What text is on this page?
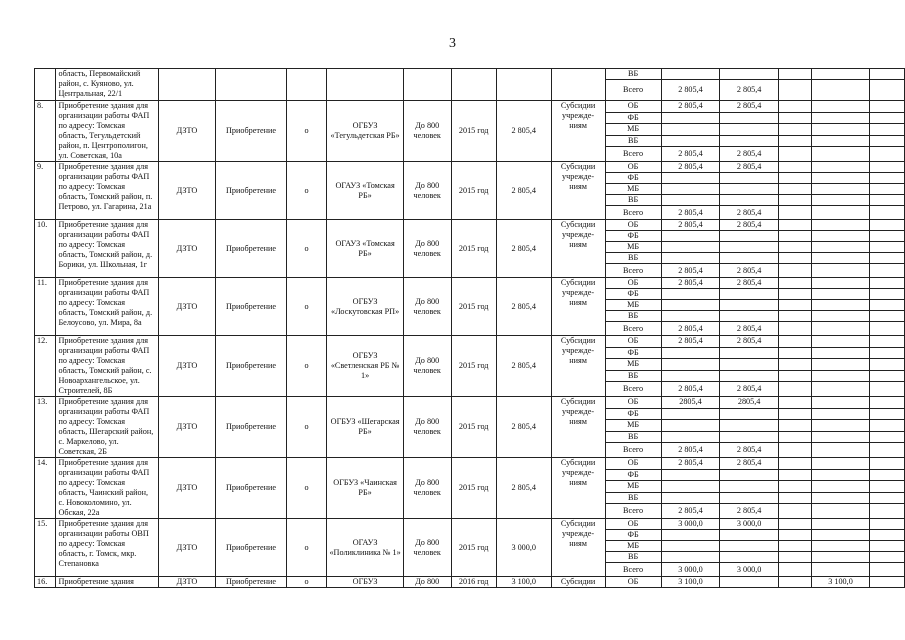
3
	область, Первомайский район, с. Куяново, ул. Центральная, 22/1									ВБ					
										Всего	2 805,4	2 805,4			
8.	Приобретение здания для организации работы ФАП по адресу: Томская область, Тегульдетский район, п. Центрополигон, ул. Советская, 10а	ДЗТО	Приобретение	о	ОГБУЗ «Тегульдетская РБ»	До 800 человек	2015 год	2 805,4	Субсидии учрежде-ниям	ОБ	2 805,4	2 805,4			
										ФБ					
										МБ					
										ВБ					
										Всего	2 805,4	2 805,4			
9.	Приобретение здания для организации работы ФАП по адресу: Томская область, Томский район, п. Петрово, ул. Гагарина, 21а	ДЗТО	Приобретение	о	ОГАУЗ «Томская РБ»	До 800 человек	2015 год	2 805,4	Субсидии учрежде-ниям	ОБ	2 805,4	2 805,4			
										ФБ					
										МБ					
										ВБ					
										Всего	2 805,4	2 805,4			
10.	Приобретение здания для организации работы ФАП по адресу: Томская область, Томский район, д. Борики, ул. Школьная, 1г	ДЗТО	Приобретение	о	ОГАУЗ «Томская РБ»	До 800 человек	2015 год	2 805,4	Субсидии учрежде-ниям	ОБ	2 805,4	2 805,4			
										ФБ					
										МБ					
										ВБ					
										Всего	2 805,4	2 805,4			
11.	Приобретение здания для организации работы ФАП по адресу: Томская область, Томский район, д. Белоусово, ул. Мира, 8а	ДЗТО	Приобретение	о	ОГБУЗ «Лоскутовская РП»	До 800 человек	2015 год	2 805,4	Субсидии учрежде-ниям	ОБ	2 805,4	2 805,4			
										ФБ					
										МБ					
										ВБ					
										Всего	2 805,4	2 805,4			
12.	Приобретение здания для организации работы ФАП по адресу: Томская область, Томский район, с. Новоархангельское, ул. Строителей, 8Б	ДЗТО	Приобретение	о	ОГБУЗ «Светленская РБ № 1»	До 800 человек	2015 год	2 805,4	Субсидии учрежде-ниям	ОБ	2 805,4	2 805,4			
										ФБ					
										МБ					
										ВБ					
										Всего	2 805,4	2 805,4			
13.	Приобретение здания для организации работы ФАП по адресу: Томская область, Шегарский район, с. Маркелово, ул. Советская, 2Б	ДЗТО	Приобретение	о	ОГБУЗ «Шегарская РБ»	До 800 человек	2015 год	2 805,4	Субсидии учрежде-ниям	ОБ	2805,4	2805,4			
										ФБ					
										МБ					
										ВБ					
										Всего	2 805,4	2 805,4			
14.	Приобретение здания для организации работы ФАП по адресу: Томская область, Чаинский район, с. Новоколомино, ул. Обская, 22а	ДЗТО	Приобретение	о	ОГБУЗ «Чаинская РБ»	До 800 человек	2015 год	2 805,4	Субсидии учрежде-ниям	ОБ	2 805,4	2 805,4			
										ФБ					
										МБ					
										ВБ					
										Всего	2 805,4	2 805,4			
15.	Приобретение здания для организации работы ОВП по адресу: Томская область, г. Томск, мкр. Степановка	ДЗТО	Приобретение	о	ОГАУЗ «Поликлиника № 1»	До 800 человек	2015 год	3 000,0	Субсидии учрежде-ниям	ОБ	3 000,0	3 000,0			
										ФБ					
										МБ					
										ВБ					
										Всего	3 000,0	3 000,0			
16.	Приобретение здания	ДЗТО	Приобретение	о	ОГБУЗ	До 800	2016 год	3 100,0	Субсидии	ОБ	3 100,0			3 100,0	
